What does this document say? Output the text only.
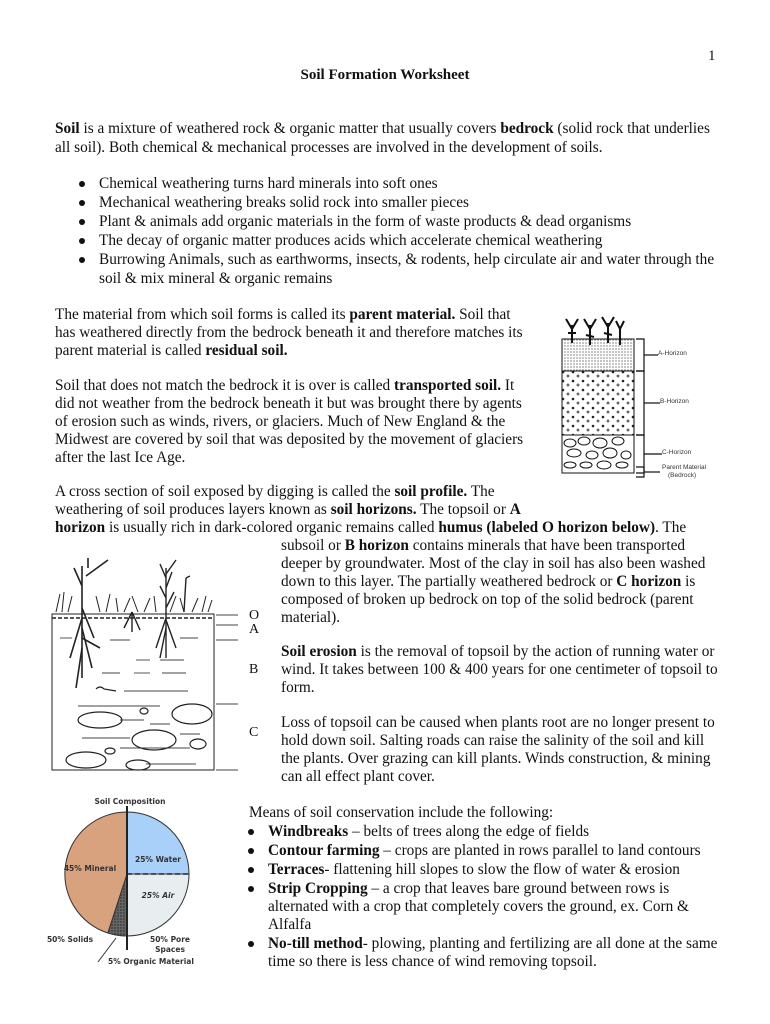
1
Soil Formation Worksheet
Soil is a mixture of weathered rock & organic matter that usually covers bedrock (solid rock that underlies
all soil). Both chemical & mechanical processes are involved in the development of soils.
Chemical weathering turns hard minerals into soft ones
Mechanical weathering breaks solid rock into smaller pieces
Plant & animals add organic materials in the form of waste products & dead organisms
The decay of organic matter produces acids which accelerate chemical weathering
Burrowing Animals, such as earthworms, insects, & rodents, help circulate air and water through the
soil & mix mineral & organic remains
The material from which soil forms is called its parent material. Soil that
has weathered directly from the bedrock beneath it and therefore matches its
parent material is called residual soil.
Soil that does not match the bedrock it is over is called transported soil. It
did not weather from the bedrock beneath it but was brought there by agents
of erosion such as winds, rivers, or glaciers. Much of New England & the
Midwest are covered by soil that was deposited by the movement of glaciers
after the last Ice Age.
A-Horizon
B-Horizon
C-Horizon
Parent Material
(Bedrock)
A cross section of soil exposed by digging is called the soil profile. The
weathering of soil produces layers known as soil horizons. The topsoil or A
horizon is usually rich in dark-colored organic remains called humus (labeled O horizon below). The
subsoil or B horizon contains minerals that have been transported
deeper by groundwater. Most of the clay in soil has also been washed
down to this layer. The partially weathered bedrock or C horizon is
composed of broken up bedrock on top of the solid bedrock (parent
material).
O
A
B
C
Soil erosion is the removal of topsoil by the action of running water or
wind. It takes between 100 & 400 years for one centimeter of topsoil to
form.
Loss of topsoil can be caused when plants root are no longer present to
hold down soil. Salting roads can raise the salinity of the soil and kill
the plants. Over grazing can kill plants. Winds construction, & mining
can all effect plant cover.
Soil Composition
25% Water
25% Air
45% Mineral
50% Solids	50% Pore
Spaces
5% Organic Material
Means of soil conservation include the following:
Windbreaks – belts of trees along the edge of fields
Contour farming – crops are planted in rows parallel to land contours
Terraces- flattening hill slopes to slow the flow of water & erosion
Strip Cropping – a crop that leaves bare ground between rows is
alternated with a crop that completely covers the ground, ex. Corn &
Alfalfa
No-till method- plowing, planting and fertilizing are all done at the same
time so there is less chance of wind removing topsoil.
